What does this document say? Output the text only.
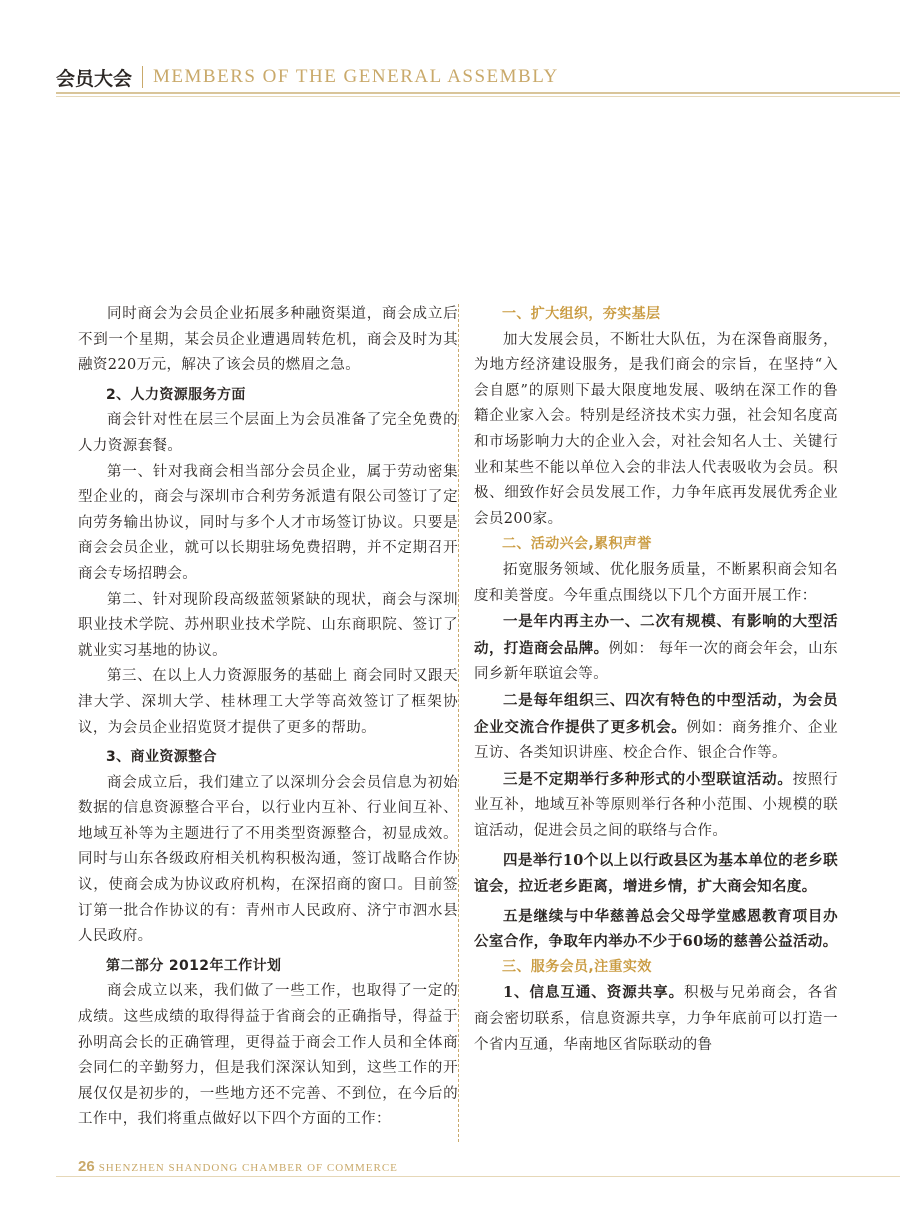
会员大会 MEMBERS OF THE GENERAL ASSEMBLY

同时商会为会员企业拓展多种融资渠道，商会成立后不到一个星期，某会员企业遭遇周转危机，商会及时为其融资220万元，解决了该会员的燃眉之急。

2、人力资源服务方面

商会针对性在层三个层面上为会员准备了完全免费的人力资源套餐。

第一、针对我商会相当部分会员企业，属于劳动密集型企业的，商会与深圳市合利劳务派遣有限公司签订了定向劳务输出协议，同时与多个人才市场签订协议。只要是商会会员企业，就可以长期驻场免费招聘，并不定期召开商会专场招聘会。

第二、针对现阶段高级蓝领紧缺的现状，商会与深圳职业技术学院、苏州职业技术学院、山东商职院、签订了就业实习基地的协议。

第三、在以上人力资源服务的基础上 商会同时又跟天津大学、深圳大学、桂林理工大学等高效签订了框架协议，为会员企业招览贤才提供了更多的帮助。

3、商业资源整合

商会成立后，我们建立了以深圳分会会员信息为初始数据的信息资源整合平台，以行业内互补、行业间互补、地域互补等为主题进行了不用类型资源整合，初显成效。同时与山东各级政府相关机构积极沟通，签订战略合作协议，使商会成为协议政府机构，在深招商的窗口。目前签订第一批合作协议的有：青州市人民政府、济宁市泗水县人民政府。

第二部分 2012年工作计划

商会成立以来，我们做了一些工作，也取得了一定的成绩。这些成绩的取得得益于省商会的正确指导，得益于孙明高会长的正确管理，更得益于商会工作人员和全体商会同仁的辛勤努力，但是我们深深认知到，这些工作的开展仅仅是初步的，一些地方还不完善、不到位，在今后的工作中，我们将重点做好以下四个方面的工作：

一、扩大组织，夯实基层

加大发展会员，不断壮大队伍，为在深鲁商服务，为地方经济建设服务，是我们商会的宗旨，在坚持“入会自愿”的原则下最大限度地发展、吸纳在深工作的鲁籍企业家入会。特别是经济技术实力强，社会知名度高和市场影响力大的企业入会，对社会知名人士、关键行业和某些不能以单位入会的非法人代表吸收为会员。积极、细致作好会员发展工作，力争年底再发展优秀企业会员200家。

二、活动兴会,累积声誉

拓宽服务领域、优化服务质量，不断累积商会知名度和美誉度。今年重点围绕以下几个方面开展工作：

一是年内再主办一、二次有规模、有影响的大型活动，打造商会品牌。例如： 每年一次的商会年会，山东同乡新年联谊会等。

二是每年组织三、四次有特色的中型活动，为会员企业交流合作提供了更多机会。例如：商务推介、企业互访、各类知识讲座、校企合作、银企合作等。

三是不定期举行多种形式的小型联谊活动。按照行业互补，地域互补等原则举行各种小范围、小规模的联谊活动，促进会员之间的联络与合作。

四是举行10个以上以行政县区为基本单位的老乡联谊会，拉近老乡距离，增进乡情，扩大商会知名度。

五是继续与中华慈善总会父母学堂感恩教育项目办公室合作，争取年内举办不少于60场的慈善公益活动。

三、服务会员,注重实效

1、信息互通、资源共享。积极与兄弟商会，各省商会密切联系，信息资源共享，力争年底前可以打造一个省内互通，华南地区省际联动的鲁

26 SHENZHEN SHANDONG CHAMBER OF COMMERCE
